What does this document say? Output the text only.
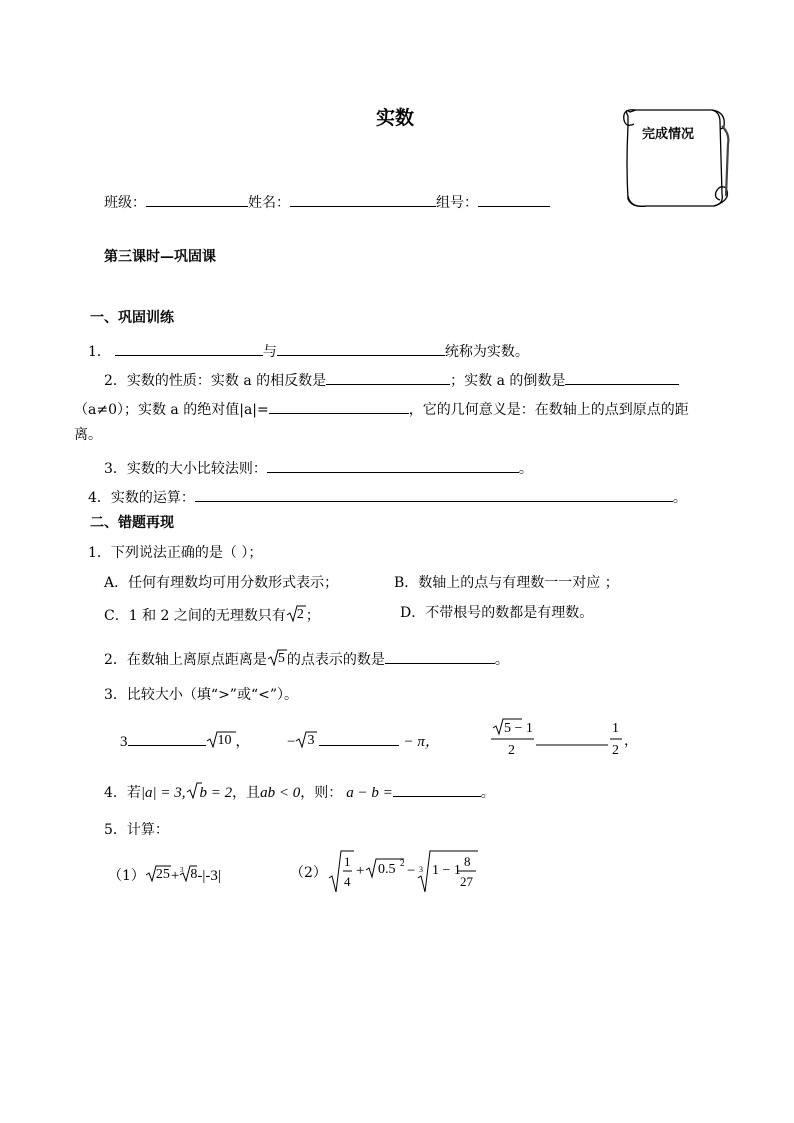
实数
完成情况
班级：	姓名：	组号：
第三课时—巩固课
一、巩固训练
1．	与	统称为实数。
2．实数的性质：实数 a 的相反数是	；实数 a 的倒数是
（a≠0）；实数 a 的绝对值|a|=	，它的几何意义是：在数轴上的点到原点的距
离。
3．实数的大小比较法则：	。
4．实数的运算：	。
二、错题再现
1．下列说法正确的是（ ）；
A．任何有理数均可用分数形式表示；	B．数轴上的点与有理数一一对应 ；
C．1 和 2 之间的无理数只有 2 ；	D．不带根号的数都是有理数。
2．在数轴上离原点距离是 5 的点表示的数是	。
3．比较大小（填“>”或“<”）。
3	10 ，	− 3	− π，
5 − 1
2
1
2
，
4．若|a| = 3, b = 2，且ab < 0，则： a − b =	。
5．计算：
（1） 25 + 3 8 -|-3|	（2）
1
4
+ 0.5 2 − 3 1 − 1
8
27
